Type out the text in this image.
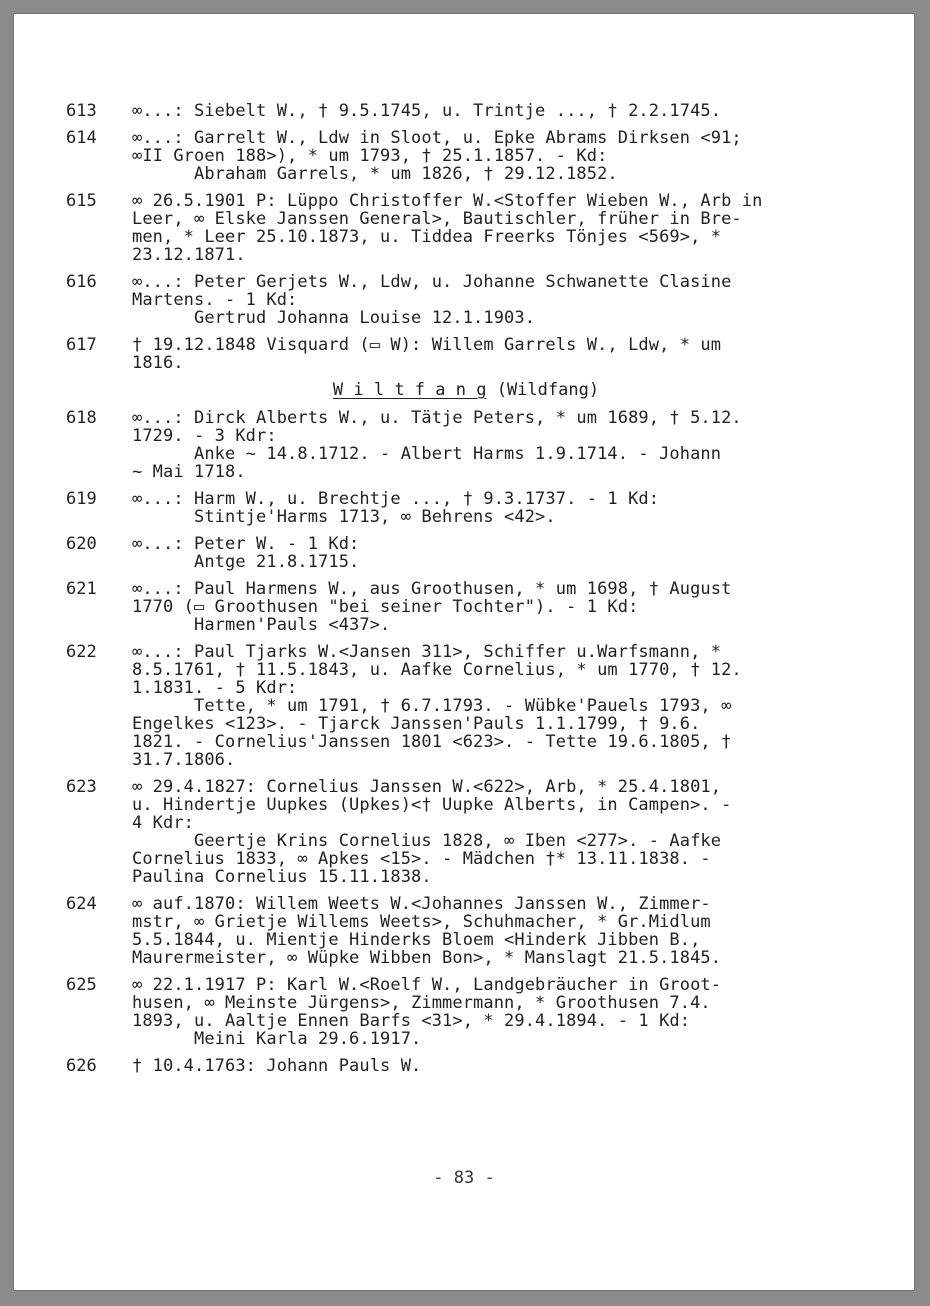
613	∞...: Siebelt W., † 9.5.1745, u. Trintje ..., † 2.2.1745.
614	∞...: Garrelt W., Ldw in Sloot, u. Epke Abrams Dirksen <91;
∞II Groen 188>), * um 1793, † 25.1.1857. - Kd:
Abraham Garrels, * um 1826, † 29.12.1852.
615	∞ 26.5.1901 P: Lüppo Christoffer W.<Stoffer Wieben W., Arb in
Leer, ∞ Elske Janssen General>, Bautischler, früher in Bre-
men, * Leer 25.10.1873, u. Tiddea Freerks Tönjes <569>, *
23.12.1871.
616	∞...: Peter Gerjets W., Ldw, u. Johanne Schwanette Clasine
Martens. - 1 Kd:
Gertrud Johanna Louise 12.1.1903.
617	† 19.12.1848 Visquard (▭ W): Willem Garrels W., Ldw, * um
1816.
W i l t f a n g (Wildfang)
618	∞...: Dirck Alberts W., u. Tätje Peters, * um 1689, † 5.12.
1729. - 3 Kdr:
Anke ~ 14.8.1712. - Albert Harms 1.9.1714. - Johann
~ Mai 1718.
619	∞...: Harm W., u. Brechtje ..., † 9.3.1737. - 1 Kd:
Stintje'Harms 1713, ∞ Behrens <42>.
620	∞...: Peter W. - 1 Kd:
Antge 21.8.1715.
621	∞...: Paul Harmens W., aus Groothusen, * um 1698, † August
1770 (▭ Groothusen "bei seiner Tochter"). - 1 Kd:
Harmen'Pauls <437>.
622	∞...: Paul Tjarks W.<Jansen 311>, Schiffer u.Warfsmann, *
8.5.1761, † 11.5.1843, u. Aafke Cornelius, * um 1770, † 12.
1.1831. - 5 Kdr:
Tette, * um 1791, † 6.7.1793. - Wübke'Pauels 1793, ∞
Engelkes <123>. - Tjarck Janssen'Pauls 1.1.1799, † 9.6.
1821. - Cornelius'Janssen 1801 <623>. - Tette 19.6.1805, †
31.7.1806.
623	∞ 29.4.1827: Cornelius Janssen W.<622>, Arb, * 25.4.1801,
u. Hindertje Uupkes (Upkes)<† Uupke Alberts, in Campen>. -
4 Kdr:
Geertje Krins Cornelius 1828, ∞ Iben <277>. - Aafke
Cornelius 1833, ∞ Apkes <15>. - Mädchen †* 13.11.1838. -
Paulina Cornelius 15.11.1838.
624	∞ auf.1870: Willem Weets W.<Johannes Janssen W., Zimmer-
mstr, ∞ Grietje Willems Weets>, Schuhmacher, * Gr.Midlum
5.5.1844, u. Mientje Hinderks Bloem <Hinderk Jibben B.,
Maurermeister, ∞ Wüpke Wibben Bon>, * Manslagt 21.5.1845.
625	∞ 22.1.1917 P: Karl W.<Roelf W., Landgebräucher in Groot-
husen, ∞ Meinste Jürgens>, Zimmermann, * Groothusen 7.4.
1893, u. Aaltje Ennen Barfs <31>, * 29.4.1894. - 1 Kd:
Meini Karla 29.6.1917.
626	† 10.4.1763: Johann Pauls W.
- 83 -
